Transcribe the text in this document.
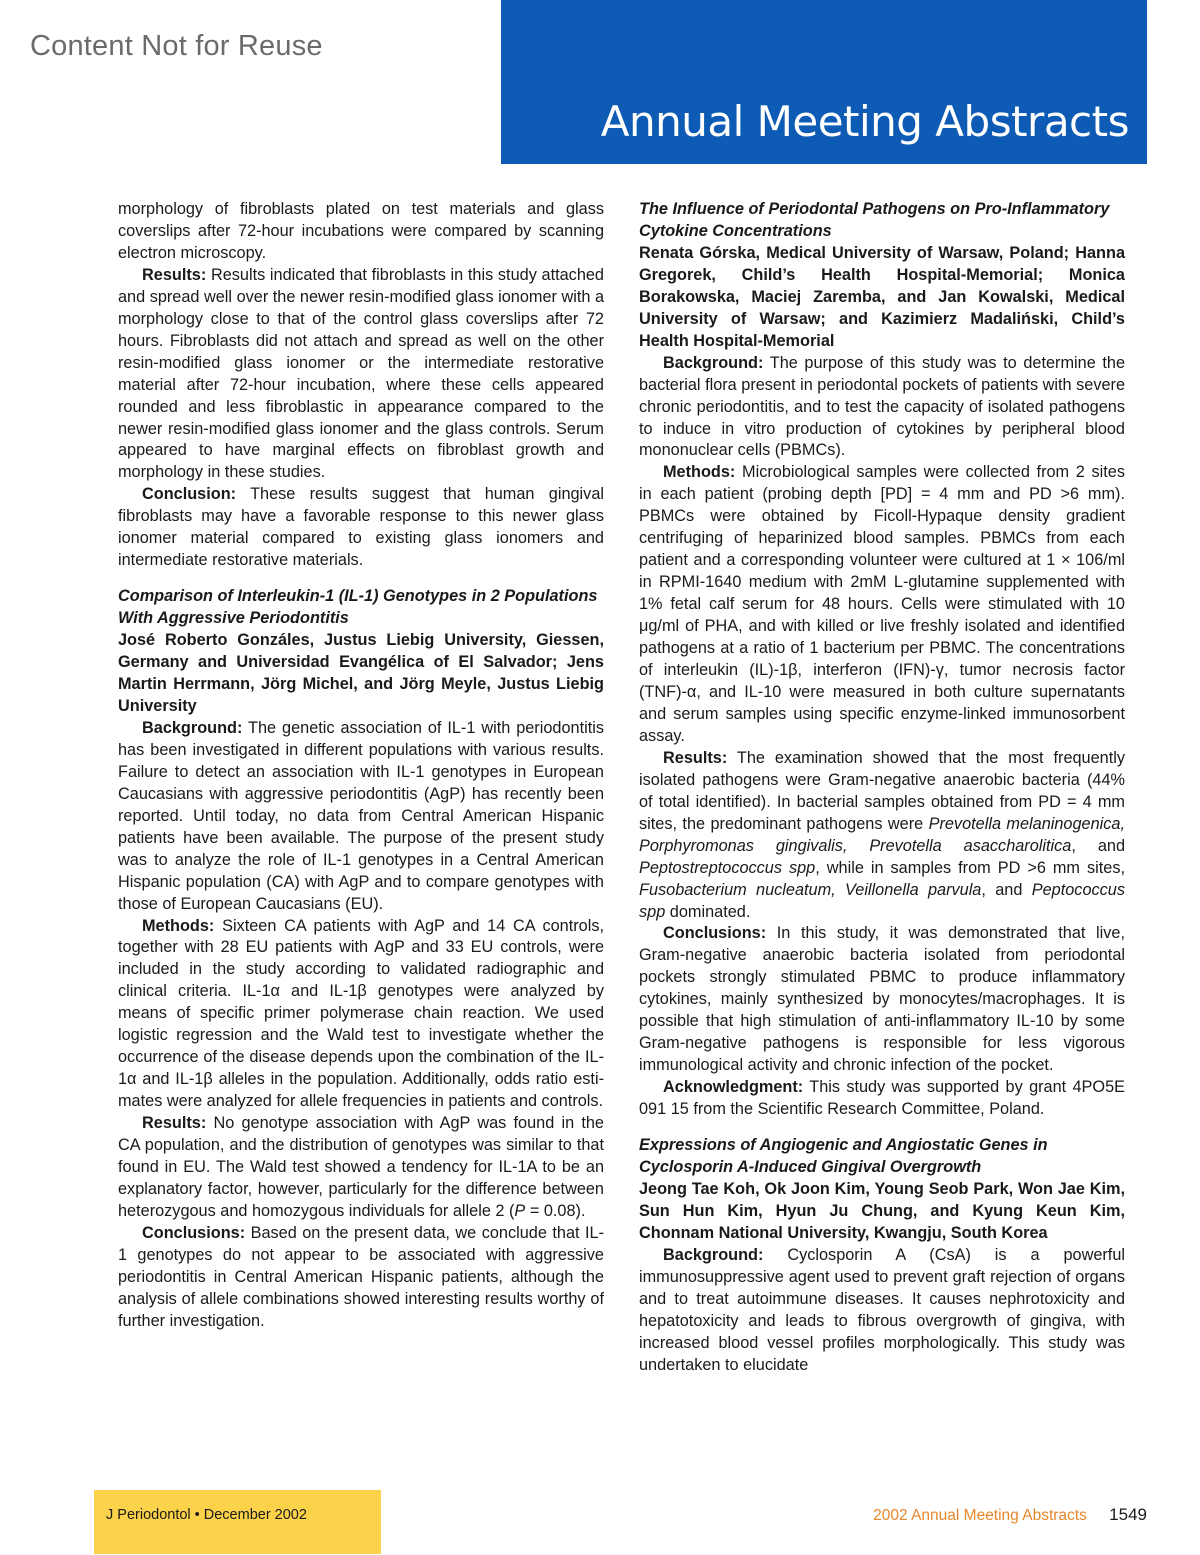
Content Not for Reuse
Annual Meeting Abstracts

morphology of fibroblasts plated on test materials and glass coverslips after 72-hour incubations were compared by scanning electron microscopy.

Results: Results indicated that fibroblasts in this study attached and spread well over the newer resin-modified glass ionomer with a morphology close to that of the control glass coverslips after 72 hours. Fibroblasts did not attach and spread as well on the other resin-modified glass ionomer or the intermediate restorative material after 72-hour incubation, where these cells appeared rounded and less fibroblastic in appearance compared to the newer resin-modified glass ionomer and the glass controls. Serum appeared to have marginal effects on fibroblast growth and morphology in these studies.

Conclusion: These results suggest that human gingival fibroblasts may have a favorable response to this newer glass ionomer material compared to existing glass ionomers and intermediate restorative materials.

Comparison of Interleukin-1 (IL-1) Genotypes in 2 Populations With Aggressive Periodontitis

José Roberto Gonzáles, Justus Liebig University, Giessen, Germany and Universidad Evangélica of El Salvador; Jens Martin Herrmann, Jörg Michel, and Jörg Meyle, Justus Liebig University

Background: The genetic association of IL-1 with periodontitis has been investigated in different populations with various results. Failure to detect an association with IL-1 genotypes in European Caucasians with aggressive periodontitis (AgP) has recently been reported. Until today, no data from Central American Hispanic patients have been available. The purpose of the present study was to analyze the role of IL-1 genotypes in a Central American Hispanic population (CA) with AgP and to compare genotypes with those of European Caucasians (EU).

Methods: Sixteen CA patients with AgP and 14 CA controls, together with 28 EU patients with AgP and 33 EU controls, were included in the study according to validated radiographic and clinical criteria. IL-1α and IL-1β genotypes were analyzed by means of specific primer polymerase chain reaction. We used logistic regression and the Wald test to investigate whether the occurrence of the disease depends upon the combination of the IL-1α and IL-1β alleles in the population. Additionally, odds ratio estimates were analyzed for allele frequencies in patients and controls.

Results: No genotype association with AgP was found in the CA population, and the distribution of genotypes was similar to that found in EU. The Wald test showed a tendency for IL-1A to be an explanatory factor, however, particularly for the difference between heterozygous and homozygous individuals for allele 2 (P = 0.08).

Conclusions: Based on the present data, we conclude that IL-1 genotypes do not appear to be associated with aggressive periodontitis in Central American Hispanic patients, although the analysis of allele combinations showed interesting results worthy of further investigation.

The Influence of Periodontal Pathogens on Pro-Inflammatory Cytokine Concentrations

Renata Górska, Medical University of Warsaw, Poland; Hanna Gregorek, Child’s Health Hospital-Memorial; Monica Borakowska, Maciej Zaremba, and Jan Kowalski, Medical University of Warsaw; and Kazimierz Madaliński, Child’s Health Hospital-Memorial

Background: The purpose of this study was to determine the bacterial flora present in periodontal pockets of patients with severe chronic periodontitis, and to test the capacity of isolated pathogens to induce in vitro production of cytokines by peripheral blood mononuclear cells (PBMCs).

Methods: Microbiological samples were collected from 2 sites in each patient (probing depth [PD] = 4 mm and PD >6 mm). PBMCs were obtained by Ficoll-Hypaque density gradient centrifuging of heparinized blood samples. PBMCs from each patient and a corresponding volunteer were cultured at 1 × 106/ml in RPMI-1640 medium with 2mM L-glutamine supplemented with 1% fetal calf serum for 48 hours. Cells were stimulated with 10 μg/ml of PHA, and with killed or live freshly isolated and identified pathogens at a ratio of 1 bacterium per PBMC. The concentrations of interleukin (IL)-1β, interferon (IFN)-γ, tumor necrosis factor (TNF)-α, and IL-10 were measured in both culture supernatants and serum samples using specific enzyme-linked immunosorbent assay.

Results: The examination showed that the most frequently isolated pathogens were Gram-negative anaerobic bacteria (44% of total identified). In bacterial samples obtained from PD = 4 mm sites, the predominant pathogens were Prevotella melaninogenica, Porphyromonas gingivalis, Prevotella asaccharolitica, and Peptostreptococcus spp, while in samples from PD >6 mm sites, Fusobacterium nucleatum, Veillonella parvula, and Peptococcus spp dominated.

Conclusions: In this study, it was demonstrated that live, Gram-negative anaerobic bacteria isolated from periodontal pockets strongly stimulated PBMC to produce inflammatory cytokines, mainly synthesized by monocytes/macrophages. It is possible that high stimulation of anti-inflammatory IL-10 by some Gram-negative pathogens is responsible for less vigorous immunological activity and chronic infection of the pocket.

Acknowledgment: This study was supported by grant 4PO5E 091 15 from the Scientific Research Committee, Poland.

Expressions of Angiogenic and Angiostatic Genes in Cyclosporin A-Induced Gingival Overgrowth

Jeong Tae Koh, Ok Joon Kim, Young Seob Park, Won Jae Kim, Sun Hun Kim, Hyun Ju Chung, and Kyung Keun Kim, Chonnam National University, Kwangju, South Korea

Background: Cyclosporin A (CsA) is a powerful immunosuppressive agent used to prevent graft rejection of organs and to treat autoimmune diseases. It causes nephrotoxicity and hepatotoxicity and leads to fibrous overgrowth of gingiva, with increased blood vessel profiles morphologically. This study was undertaken to elucidate

J Periodontol • December 2002	2002 Annual Meeting Abstracts 1549
